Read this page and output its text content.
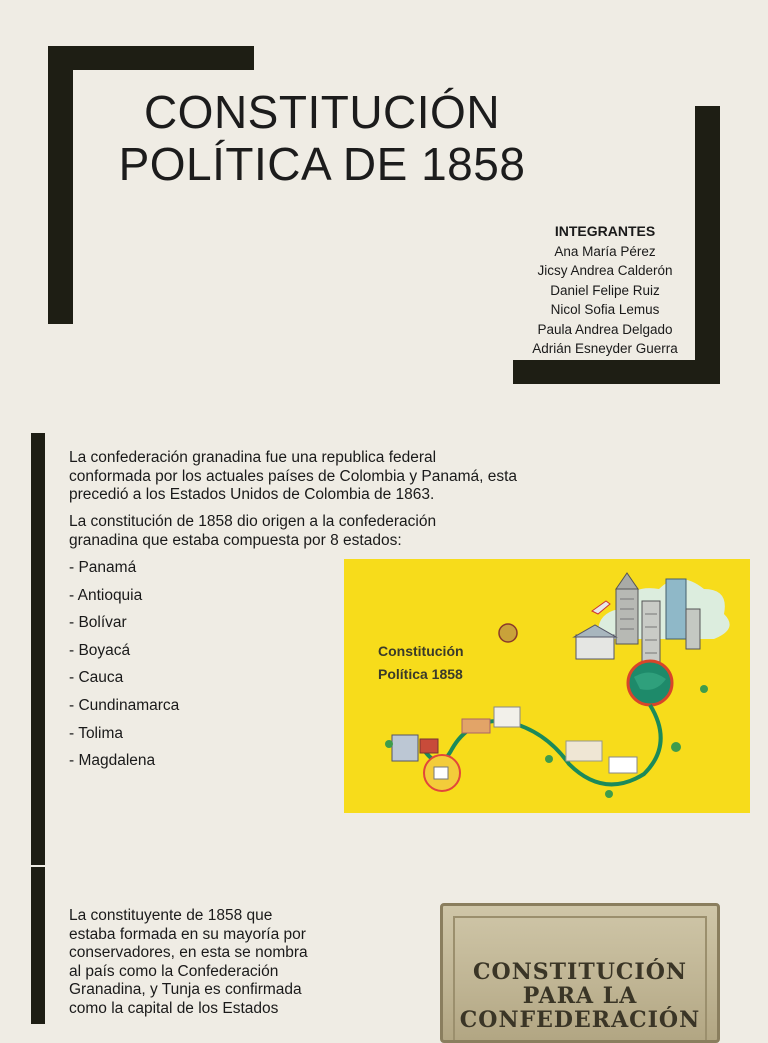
CONSTITUCIÓN
POLÍTICA DE 1858
INTEGRANTES
Ana María Pérez
Jicsy Andrea Calderón
Daniel Felipe Ruiz
Nicol Sofia Lemus
Paula Andrea Delgado
Adrián Esneyder Guerra

La confederación granadina fue una republica federal conformada por los actuales países de Colombia y Panamá, esta precedió a los Estados Unidos de Colombia de 1863.

La constitución de 1858 dio origen a la confederación granadina que estaba compuesta por 8 estados:

- Panamá
- Antioquia
- Bolívar
- Boyacá
- Cauca
- Cundinamarca
- Tolima
- Magdalena
Constitución
Política 1858

La constituyente de 1858 que estaba formada en su mayoría por conservadores, en esta se nombra al país como la Confederación Granadina, y Tunja es confirmada como la capital de los Estados

CONSTITUCIÓN
PARA LA
CONFEDERACIÓN
